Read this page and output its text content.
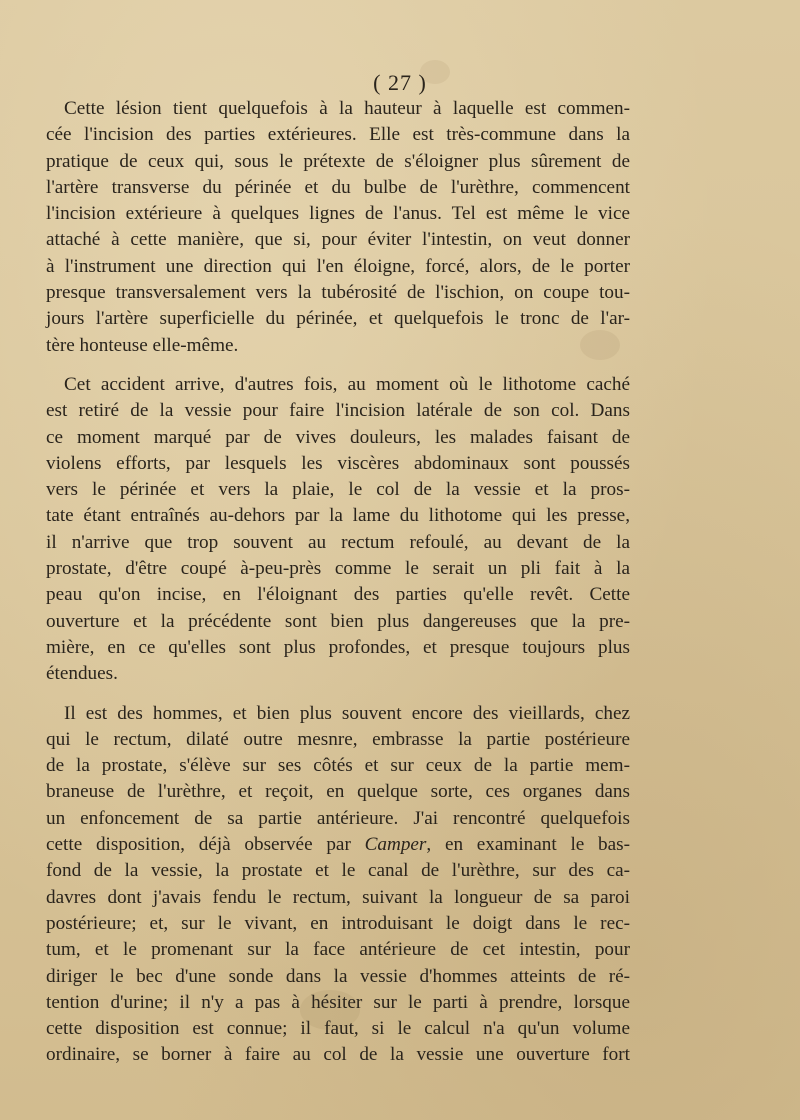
( 27 )
Cette lésion tient quelquefois à la hauteur à laquelle est commen-
cée l'incision des parties extérieures. Elle est très-commune dans la
pratique de ceux qui, sous le prétexte de s'éloigner plus sûrement de
l'artère transverse du périnée et du bulbe de l'urèthre, commencent
l'incision extérieure à quelques lignes de l'anus. Tel est même le vice
attaché à cette manière, que si, pour éviter l'intestin, on veut donner
à l'instrument une direction qui l'en éloigne, forcé, alors, de le porter
presque transversalement vers la tubérosité de l'ischion, on coupe tou-
jours l'artère superficielle du périnée, et quelquefois le tronc de l'ar-
tère honteuse elle-même.
Cet accident arrive, d'autres fois, au moment où le lithotome caché
est retiré de la vessie pour faire l'incision latérale de son col. Dans
ce moment marqué par de vives douleurs, les malades faisant de
violens efforts, par lesquels les viscères abdominaux sont poussés
vers le périnée et vers la plaie, le col de la vessie et la pros-
tate étant entraînés au-dehors par la lame du lithotome qui les presse,
il n'arrive que trop souvent au rectum refoulé, au devant de la
prostate, d'être coupé à-peu-près comme le serait un pli fait à la
peau qu'on incise, en l'éloignant des parties qu'elle revêt. Cette
ouverture et la précédente sont bien plus dangereuses que la pre-
mière, en ce qu'elles sont plus profondes, et presque toujours plus
étendues.
Il est des hommes, et bien plus souvent encore des vieillards, chez
qui le rectum, dilaté outre mesnre, embrasse la partie postérieure
de la prostate, s'élève sur ses côtés et sur ceux de la partie mem-
braneuse de l'urèthre, et reçoit, en quelque sorte, ces organes dans
un enfoncement de sa partie antérieure. J'ai rencontré quelquefois
cette disposition, déjà observée par Camper, en examinant le bas-
fond de la vessie, la prostate et le canal de l'urèthre, sur des ca-
davres dont j'avais fendu le rectum, suivant la longueur de sa paroi
postérieure; et, sur le vivant, en introduisant le doigt dans le rec-
tum, et le promenant sur la face antérieure de cet intestin, pour
diriger le bec d'une sonde dans la vessie d'hommes atteints de ré-
tention d'urine; il n'y a pas à hésiter sur le parti à prendre, lorsque
cette disposition est connue; il faut, si le calcul n'a qu'un volume
ordinaire, se borner à faire au col de la vessie une ouverture fort
